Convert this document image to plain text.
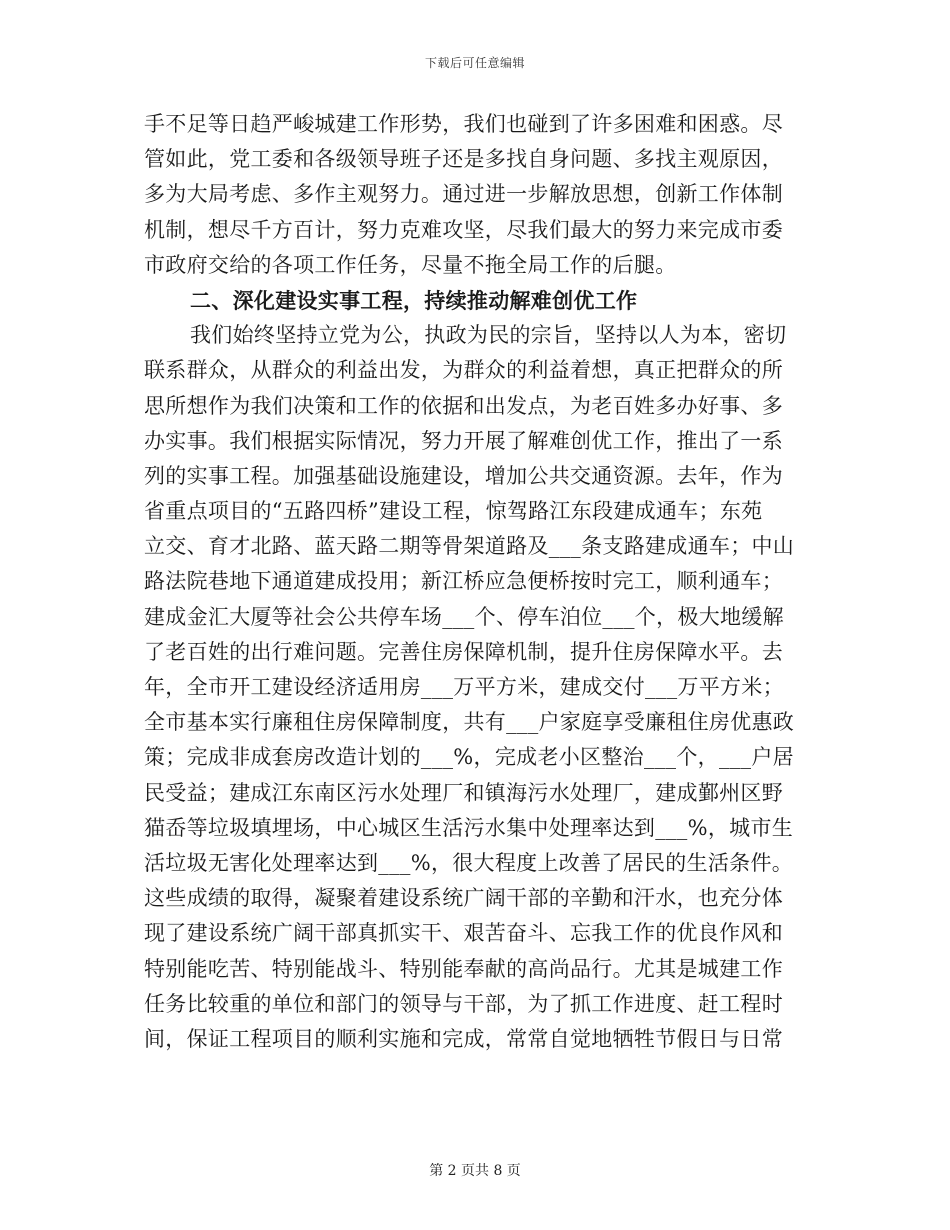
下载后可任意编辑
手不足等日趋严峻城建工作形势，我们也碰到了许多困难和困惑。尽
管如此，党工委和各级领导班子还是多找自身问题、多找主观原因，
多为大局考虑、多作主观努力。通过进一步解放思想，创新工作体制
机制，想尽千方百计，努力克难攻坚，尽我们最大的努力来完成市委
市政府交给的各项工作任务，尽量不拖全局工作的后腿。
二、深化建设实事工程，持续推动解难创优工作
我们始终坚持立党为公，执政为民的宗旨，坚持以人为本，密切
联系群众，从群众的利益出发，为群众的利益着想，真正把群众的所
思所想作为我们决策和工作的依据和出发点，为老百姓多办好事、多
办实事。我们根据实际情况，努力开展了解难创优工作，推出了一系
列的实事工程。加强基础设施建设，增加公共交通资源。去年，作为
省重点项目的“五路四桥”建设工程，惊驾路江东段建成通车；东苑
立交、育才北路、蓝天路二期等骨架道路及___条支路建成通车；中山
路法院巷地下通道建成投用；新江桥应急便桥按时完工，顺利通车；
建成金汇大厦等社会公共停车场___个、停车泊位___个，极大地缓解
了老百姓的出行难问题。完善住房保障机制，提升住房保障水平。去
年，全市开工建设经济适用房___万平方米，建成交付___万平方米；
全市基本实行廉租住房保障制度，共有___户家庭享受廉租住房优惠政
策；完成非成套房改造计划的___%，完成老小区整治___个，___户居
民受益；建成江东南区污水处理厂和镇海污水处理厂，建成鄞州区野
猫岙等垃圾填埋场，中心城区生活污水集中处理率达到___%，城市生
活垃圾无害化处理率达到___%，很大程度上改善了居民的生活条件。
这些成绩的取得，凝聚着建设系统广阔干部的辛勤和汗水，也充分体
现了建设系统广阔干部真抓实干、艰苦奋斗、忘我工作的优良作风和
特别能吃苦、特别能战斗、特别能奉献的高尚品行。尤其是城建工作
任务比较重的单位和部门的领导与干部，为了抓工作进度、赶工程时
间，保证工程项目的顺利实施和完成，常常自觉地牺牲节假日与日常
第 2 页共 8 页
